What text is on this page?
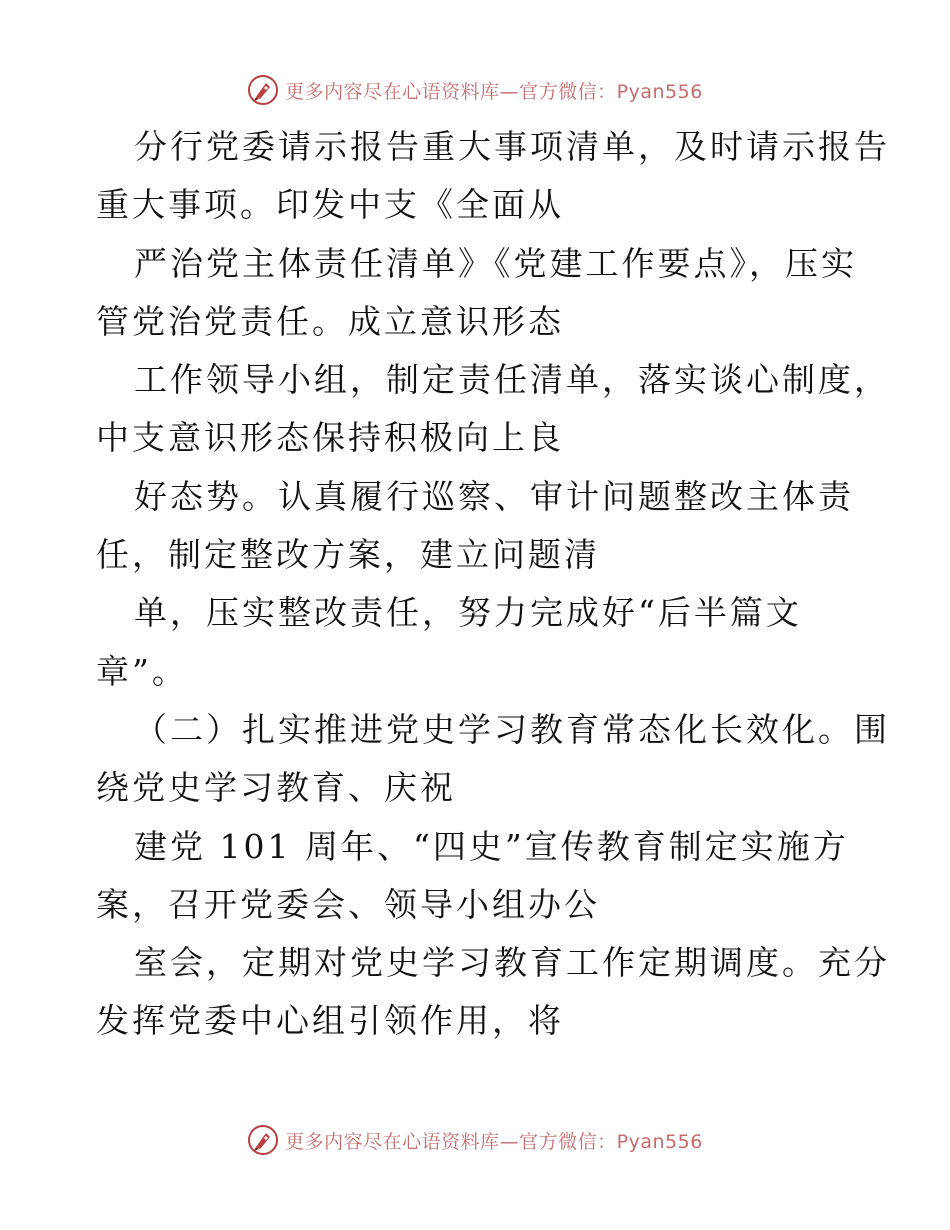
更多内容尽在心语资料库—官方微信：Pyan556
分行党委请示报告重大事项清单，及时请示报告
重大事项。印发中支《全面从
严治党主体责任清单》《党建工作要点》，压实
管党治党责任。成立意识形态
工作领导小组，制定责任清单，落实谈心制度，
中支意识形态保持积极向上良
好态势。认真履行巡察、审计问题整改主体责
任，制定整改方案，建立问题清
单，压实整改责任，努力完成好“后半篇文
章”。
（二）扎实推进党史学习教育常态化长效化。围
绕党史学习教育、庆祝
建党 101 周年、“四史”宣传教育制定实施方
案，召开党委会、领导小组办公
室会，定期对党史学习教育工作定期调度。充分
发挥党委中心组引领作用，将
更多内容尽在心语资料库—官方微信：Pyan556
